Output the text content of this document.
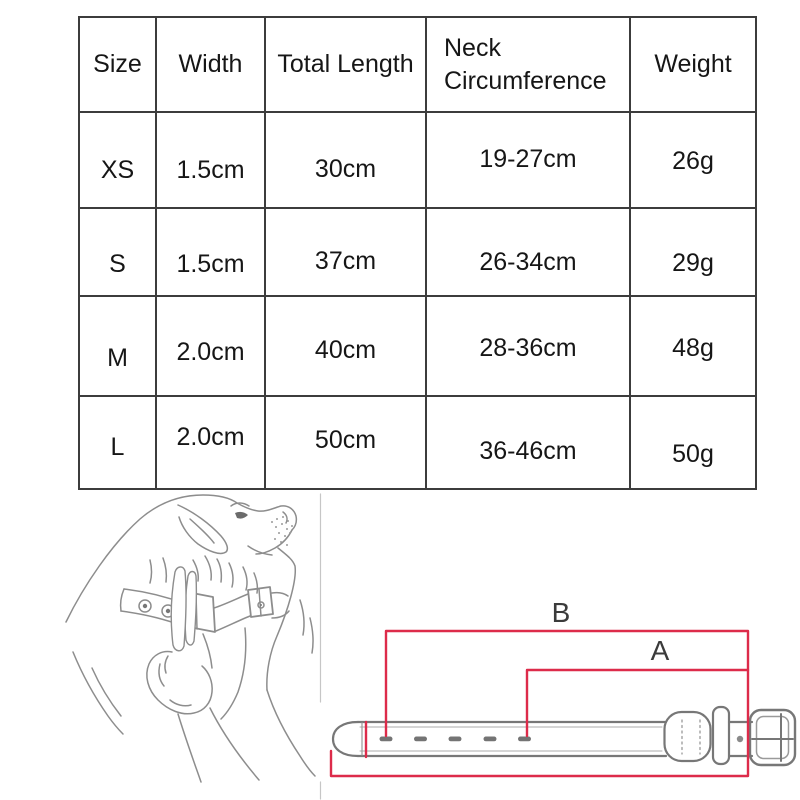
Size	Width	Total Length	Neck Circumference	Weight
XS	1.5cm	30cm	19-27cm	26g
S	1.5cm	37cm	26-34cm	29g
M	2.0cm	40cm	28-36cm	48g
L	2.0cm	50cm	36-46cm	50g
B
A
